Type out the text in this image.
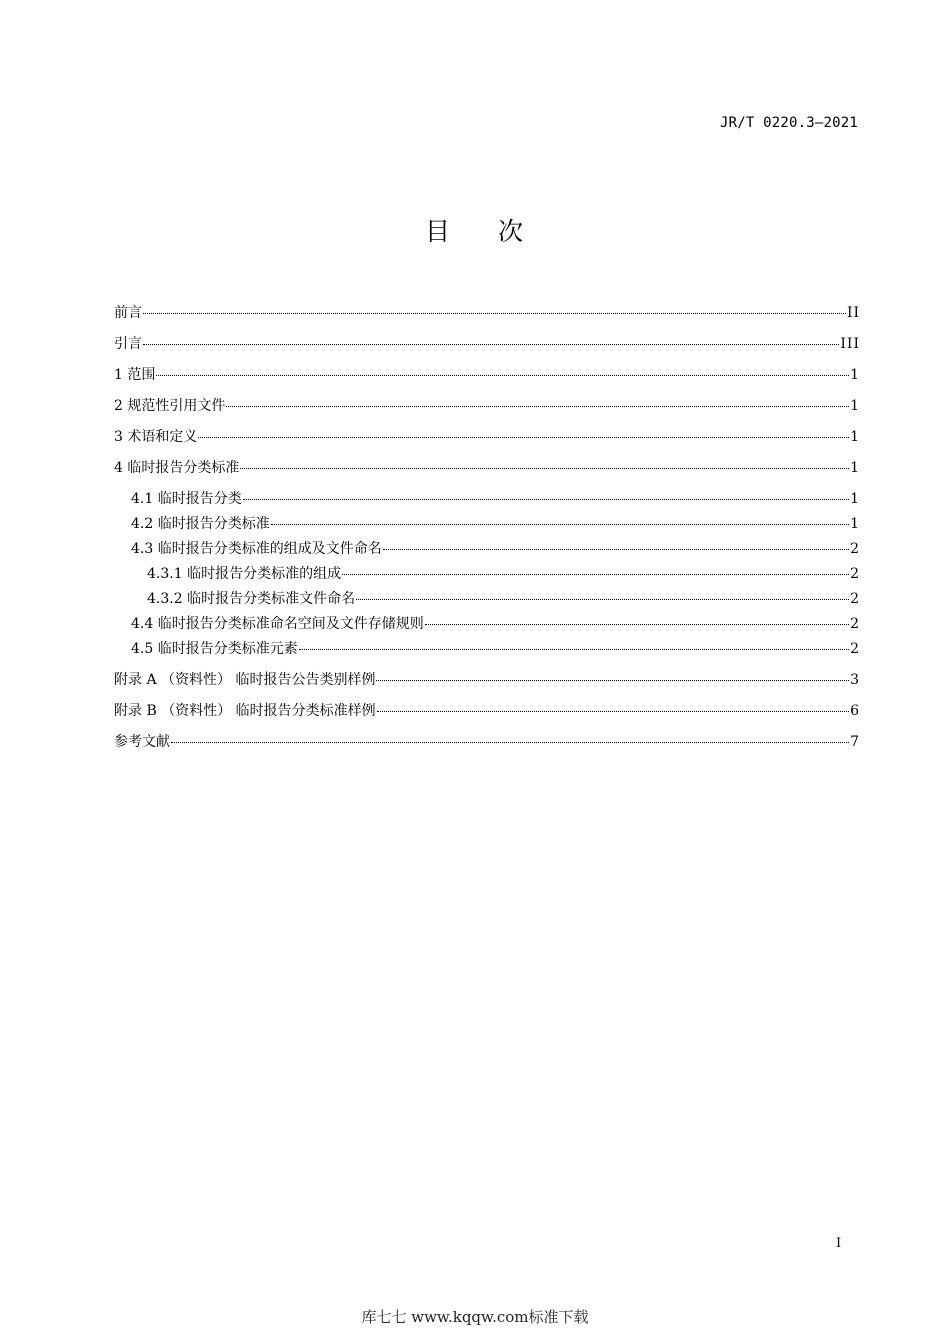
JR/T 0220.3—2021
目 次
前言	II
引言	III
1 范围	1
2 规范性引用文件	1
3 术语和定义	1
4 临时报告分类标准	1
4.1 临时报告分类	1
4.2 临时报告分类标准	1
4.3 临时报告分类标准的组成及文件命名	2
4.3.1 临时报告分类标准的组成	2
4.3.2 临时报告分类标准文件命名	2
4.4 临时报告分类标准命名空间及文件存储规则	2
4.5 临时报告分类标准元素	2
附录 A （资料性） 临时报告公告类别样例	3
附录 B （资料性） 临时报告分类标准样例	6
参考文献	7
I
库七七 www.kqqw.com标准下载
